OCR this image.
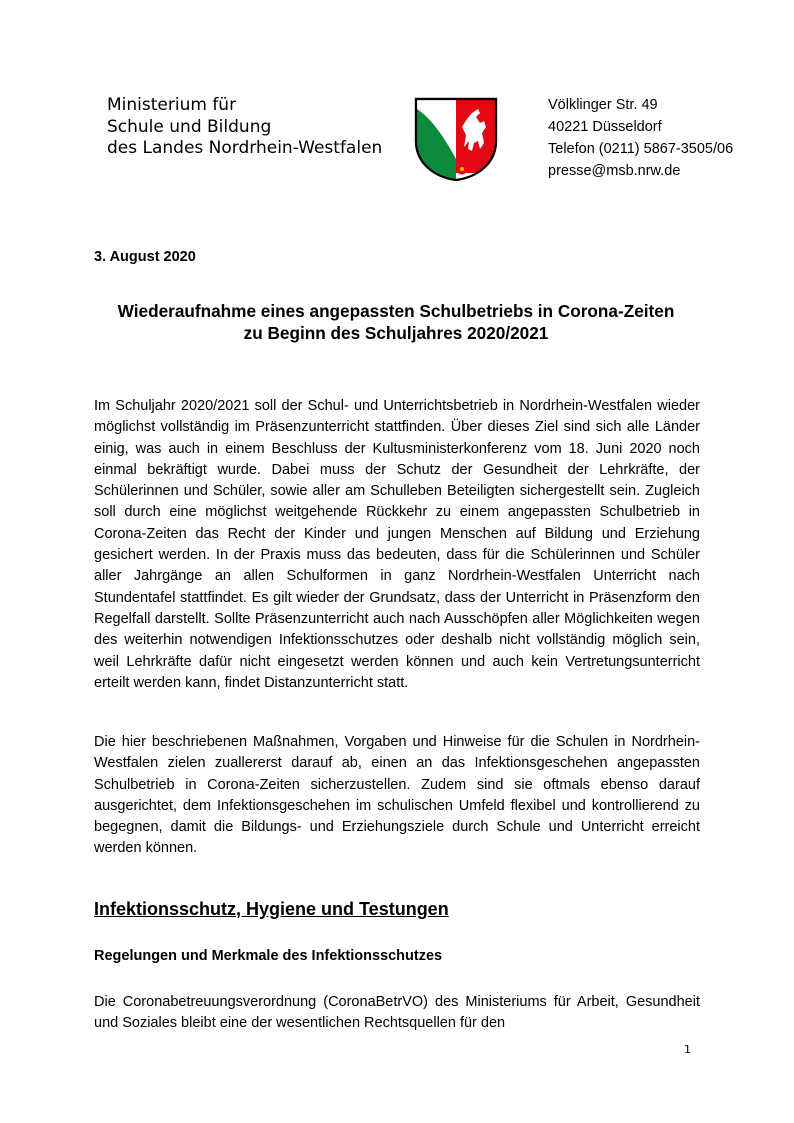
Ministerium für
Schule und Bildung
des Landes Nordrhein-Westfalen
Völklinger Str. 49
40221 Düsseldorf
Telefon (0211) 5867-3505/06
presse@msb.nrw.de
3. August 2020
Wiederaufnahme eines angepassten Schulbetriebs in Corona-Zeiten
zu Beginn des Schuljahres 2020/2021
Im Schuljahr 2020/2021 soll der Schul- und Unterrichtsbetrieb in Nordrhein-Westfalen wieder möglichst vollständig im Präsenzunterricht stattfinden. Über dieses Ziel sind sich alle Länder einig, was auch in einem Beschluss der Kultusministerkonferenz vom 18. Juni 2020 noch einmal bekräftigt wurde. Dabei muss der Schutz der Gesundheit der Lehrkräfte, der Schülerinnen und Schüler, sowie aller am Schulleben Beteiligten sichergestellt sein. Zugleich soll durch eine möglichst weitgehende Rückkehr zu einem angepassten Schulbetrieb in Corona-Zeiten das Recht der Kinder und jungen Menschen auf Bildung und Erziehung gesichert werden. In der Praxis muss das bedeuten, dass für die Schülerinnen und Schüler aller Jahrgänge an allen Schulformen in ganz Nordrhein-Westfalen Unterricht nach Stundentafel stattfindet. Es gilt wieder der Grundsatz, dass der Unterricht in Präsenzform den Regelfall darstellt. Sollte Präsenzunterricht auch nach Ausschöpfen aller Möglichkeiten wegen des weiterhin notwendigen Infektionsschutzes oder deshalb nicht vollständig möglich sein, weil Lehrkräfte dafür nicht eingesetzt werden können und auch kein Vertretungsunterricht erteilt werden kann, findet Distanzunterricht statt.
Die hier beschriebenen Maßnahmen, Vorgaben und Hinweise für die Schulen in Nordrhein-Westfalen zielen zuallererst darauf ab, einen an das Infektionsgeschehen angepassten Schulbetrieb in Corona-Zeiten sicherzustellen. Zudem sind sie oftmals ebenso darauf ausgerichtet, dem Infektionsgeschehen im schulischen Umfeld flexibel und kontrollierend zu begegnen, damit die Bildungs- und Erziehungsziele durch Schule und Unterricht erreicht werden können.
Infektionsschutz, Hygiene und Testungen
Regelungen und Merkmale des Infektionsschutzes
Die Coronabetreuungsverordnung (CoronaBetrVO) des Ministeriums für Arbeit, Gesundheit und Soziales bleibt eine der wesentlichen Rechtsquellen für den
1
